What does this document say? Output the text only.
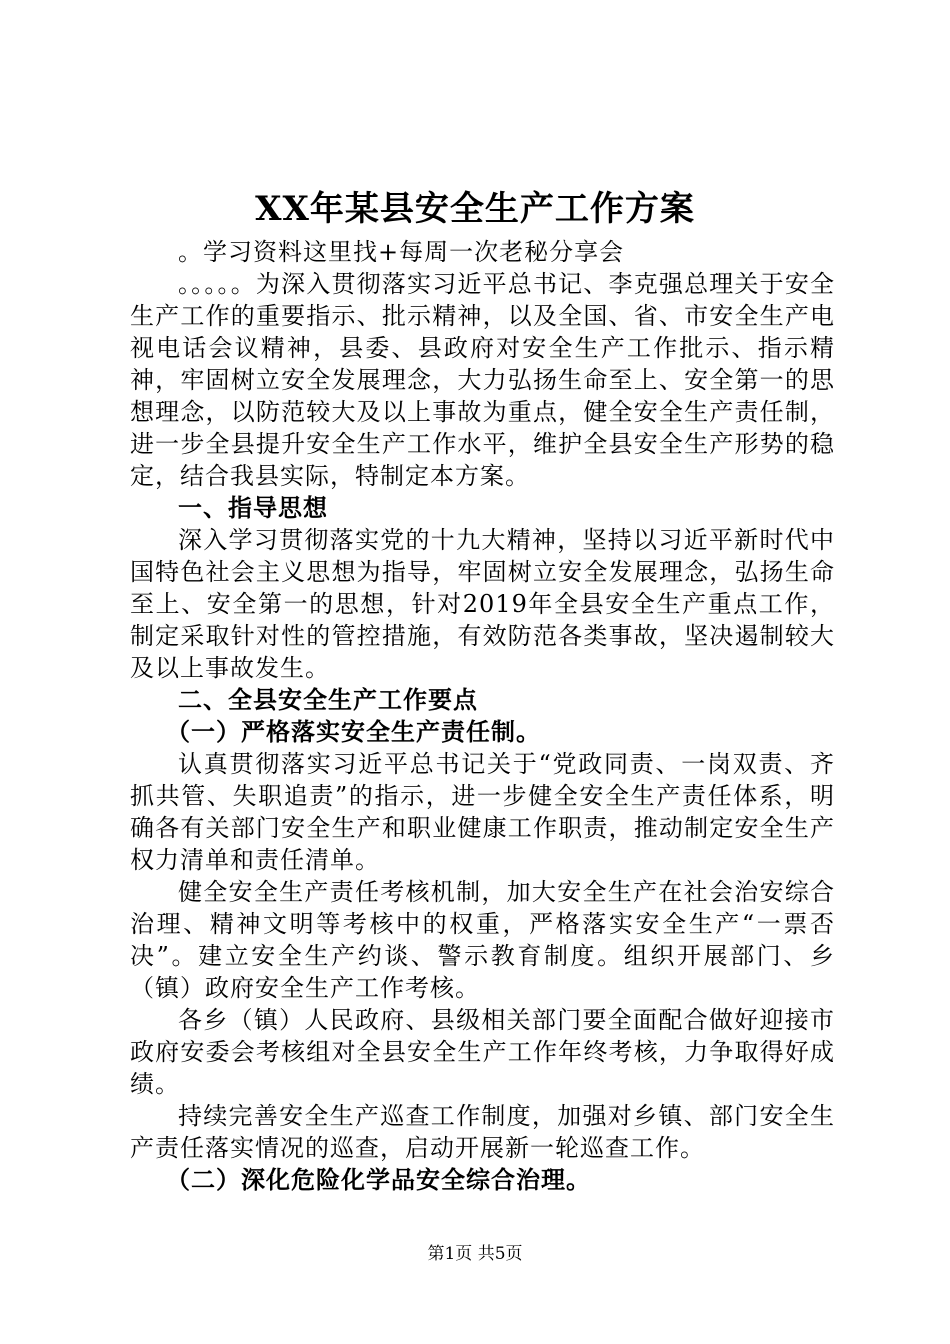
XX年某县安全生产工作方案

。学习资料这里找+每周一次老秘分享会

。。。。。为深入贯彻落实习近平总书记、李克强总理关于安全生产工作的重要指示、批示精神，以及全国、省、市安全生产电视电话会议精神，县委、县政府对安全生产工作批示、指示精神，牢固树立安全发展理念，大力弘扬生命至上、安全第一的思想理念，以防范较大及以上事故为重点，健全安全生产责任制，进一步全县提升安全生产工作水平，维护全县安全生产形势的稳定，结合我县实际，特制定本方案。

一、指导思想

深入学习贯彻落实党的十九大精神，坚持以习近平新时代中国特色社会主义思想为指导，牢固树立安全发展理念，弘扬生命至上、安全第一的思想，针对2019年全县安全生产重点工作，制定采取针对性的管控措施，有效防范各类事故，坚决遏制较大及以上事故发生。

二、全县安全生产工作要点

（一）严格落实安全生产责任制。

认真贯彻落实习近平总书记关于“党政同责、一岗双责、齐抓共管、失职追责”的指示，进一步健全安全生产责任体系，明确各有关部门安全生产和职业健康工作职责，推动制定安全生产权力清单和责任清单。

健全安全生产责任考核机制，加大安全生产在社会治安综合治理、精神文明等考核中的权重，严格落实安全生产“一票否决”。建立安全生产约谈、警示教育制度。组织开展部门、乡（镇）政府安全生产工作考核。

各乡（镇）人民政府、县级相关部门要全面配合做好迎接市政府安委会考核组对全县安全生产工作年终考核，力争取得好成绩。

持续完善安全生产巡查工作制度，加强对乡镇、部门安全生产责任落实情况的巡查，启动开展新一轮巡查工作。

（二）深化危险化学品安全综合治理。

第1页 共5页
